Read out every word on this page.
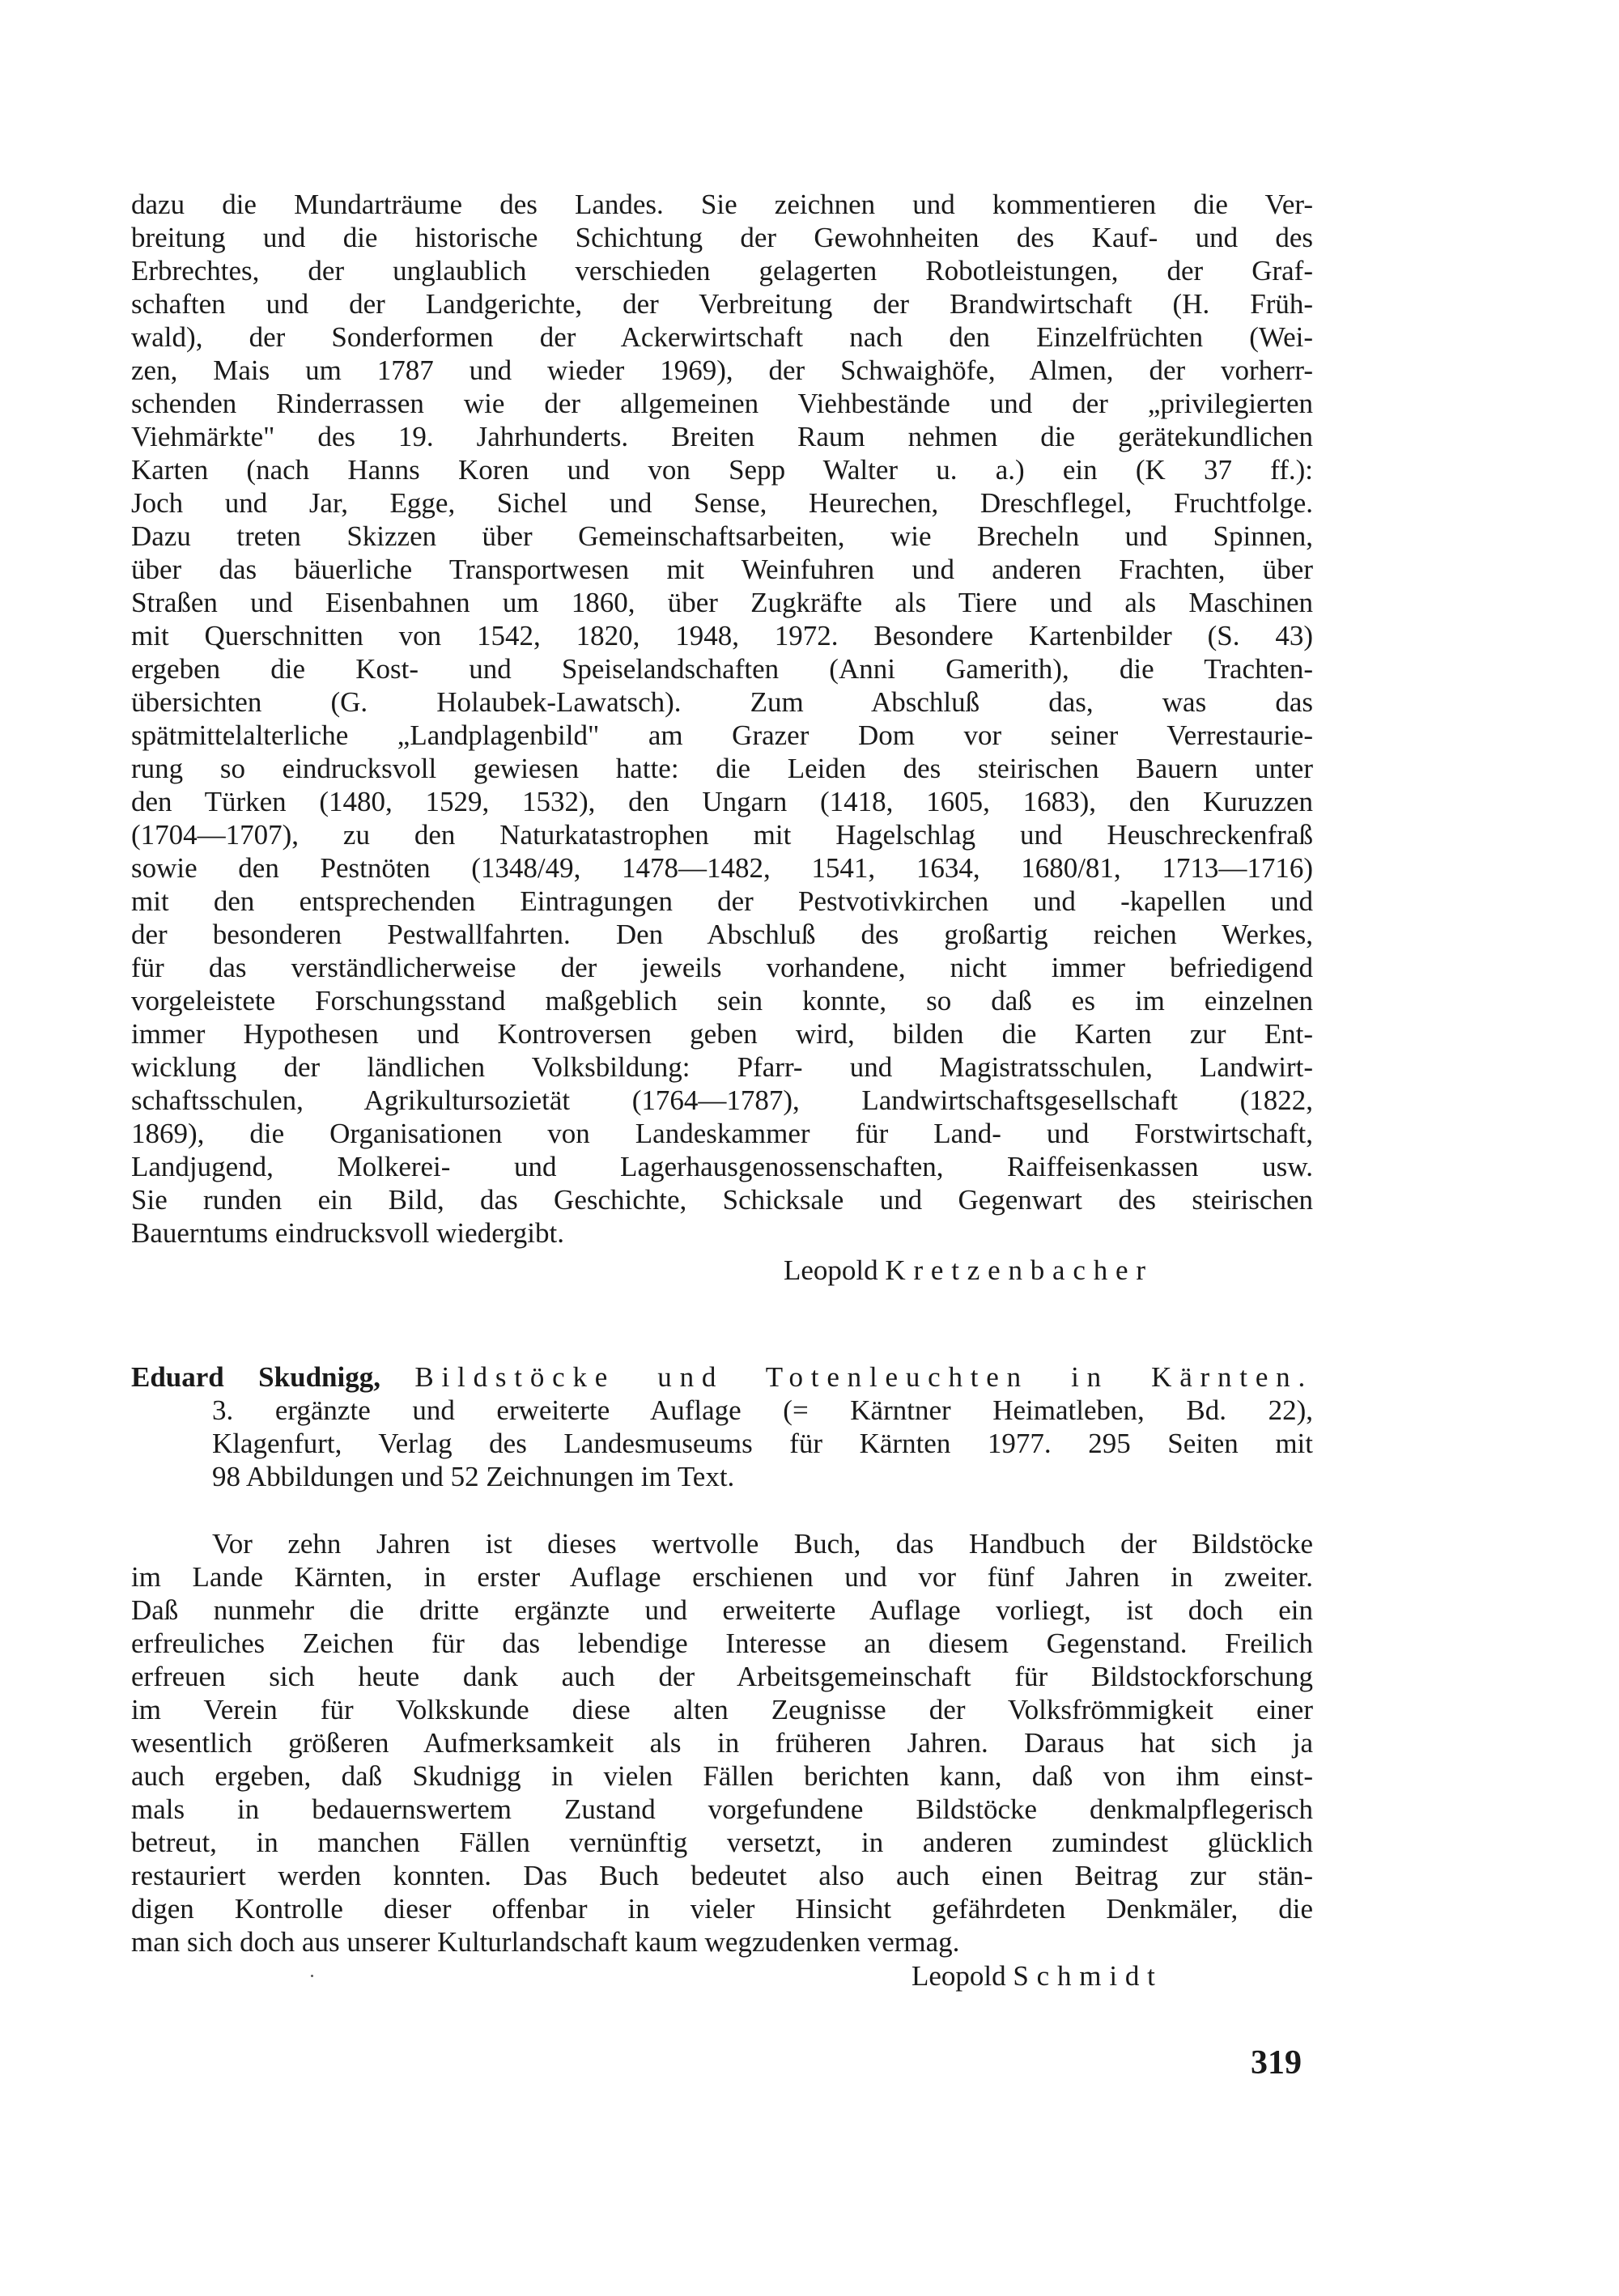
dazu die Mundarträume des Landes. Sie zeichnen und kommentieren die Ver-

breitung und die historische Schichtung der Gewohnheiten des Kauf- und des

Erbrechtes, der unglaublich verschieden gelagerten Robotleistungen, der Graf-

schaften und der Landgerichte, der Verbreitung der Brandwirtschaft (H. Früh-

wald), der Sonderformen der Ackerwirtschaft nach den Einzelfrüchten (Wei-

zen, Mais um 1787 und wieder 1969), der Schwaighöfe, Almen, der vorherr-

schenden Rinderrassen wie der allgemeinen Viehbestände und der „privilegierten

Viehmärkte" des 19. Jahrhunderts. Breiten Raum nehmen die gerätekundlichen

Karten (nach Hanns Koren und von Sepp Walter u. a.) ein (K 37 ff.):

Joch und Jar, Egge, Sichel und Sense, Heurechen, Dreschflegel, Fruchtfolge.

Dazu treten Skizzen über Gemeinschaftsarbeiten, wie Brecheln und Spinnen,

über das bäuerliche Transportwesen mit Weinfuhren und anderen Frachten, über

Straßen und Eisenbahnen um 1860, über Zugkräfte als Tiere und als Maschinen

mit Querschnitten von 1542, 1820, 1948, 1972. Besondere Kartenbilder (S. 43)

ergeben die Kost- und Speiselandschaften (Anni Gamerith), die Trachten-

übersichten (G. Holaubek-Lawatsch). Zum Abschluß das, was das

spätmittelalterliche „Landplagenbild" am Grazer Dom vor seiner Verrestaurie-

rung so eindrucksvoll gewiesen hatte: die Leiden des steirischen Bauern unter

den Türken (1480, 1529, 1532), den Ungarn (1418, 1605, 1683), den Kuruzzen

(1704—1707), zu den Naturkatastrophen mit Hagelschlag und Heuschreckenfraß

sowie den Pestnöten (1348/49, 1478—1482, 1541, 1634, 1680/81, 1713—1716)

mit den entsprechenden Eintragungen der Pestvotivkirchen und -kapellen und

der besonderen Pestwallfahrten. Den Abschluß des großartig reichen Werkes,

für das verständlicherweise der jeweils vorhandene, nicht immer befriedigend

vorgeleistete Forschungsstand maßgeblich sein konnte, so daß es im einzelnen

immer Hypothesen und Kontroversen geben wird, bilden die Karten zur Ent-

wicklung der ländlichen Volksbildung: Pfarr- und Magistratsschulen, Landwirt-

schaftsschulen, Agrikultursozietät (1764—1787), Landwirtschaftsgesellschaft (1822,

1869), die Organisationen von Landeskammer für Land- und Forstwirtschaft,

Landjugend, Molkerei- und Lagerhausgenossenschaften, Raiffeisenkassen usw.

Sie runden ein Bild, das Geschichte, Schicksale und Gegenwart des steirischen

Bauerntums eindrucksvoll wiedergibt.

Leopold Kretzenbacher

Eduard Skudnigg, Bildstöcke und Totenleuchten in Kärnten.

3. ergänzte und erweiterte Auflage (= Kärntner Heimatleben, Bd. 22),

Klagenfurt, Verlag des Landesmuseums für Kärnten 1977. 295 Seiten mit

98 Abbildungen und 52 Zeichnungen im Text.

Vor zehn Jahren ist dieses wertvolle Buch, das Handbuch der Bildstöcke

im Lande Kärnten, in erster Auflage erschienen und vor fünf Jahren in zweiter.

Daß nunmehr die dritte ergänzte und erweiterte Auflage vorliegt, ist doch ein

erfreuliches Zeichen für das lebendige Interesse an diesem Gegenstand. Freilich

erfreuen sich heute dank auch der Arbeitsgemeinschaft für Bildstockforschung

im Verein für Volkskunde diese alten Zeugnisse der Volksfrömmigkeit einer

wesentlich größeren Aufmerksamkeit als in früheren Jahren. Daraus hat sich ja

auch ergeben, daß Skudnigg in vielen Fällen berichten kann, daß von ihm einst-

mals in bedauernswertem Zustand vorgefundene Bildstöcke denkmalpflegerisch

betreut, in manchen Fällen vernünftig versetzt, in anderen zumindest glücklich

restauriert werden konnten. Das Buch bedeutet also auch einen Beitrag zur stän-

digen Kontrolle dieser offenbar in vieler Hinsicht gefährdeten Denkmäler, die

man sich doch aus unserer Kulturlandschaft kaum wegzudenken vermag.

Leopold Schmidt

319
